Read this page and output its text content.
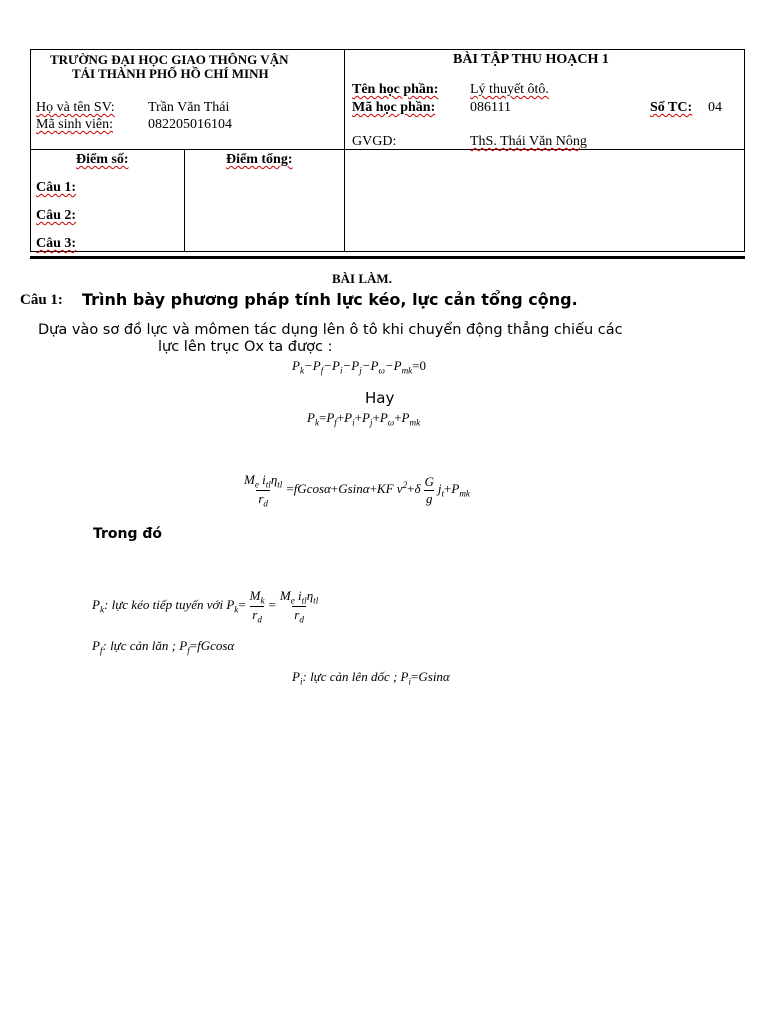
TRƯỜNG ĐẠI HỌC GIAO THÔNG VẬN
TẢI THÀNH PHỐ HỒ CHÍ MINH
Họ và tên SV: Trần Văn Thái
Mã sinh viên:	082205016104
BÀI TẬP THU HOẠCH 1
Tên học phần: Lý thuyết ôtô.
Mã học phần: 086111	Số TC: 04
GVGD:	ThS. Thái Văn Nông
Điểm số:	Điểm tổng:
Câu 1:
Câu 2:
Câu 3:
BÀI LÀM.
Câu 1: Trình bày phương pháp tính lực kéo, lực cản tổng cộng.
Dựa vào sơ đồ lực và mômen tác dụng lên ô tô khi chuyển động thẳng chiếu các
lực lên trục Ox ta được :
$P_k-P_f-P_i-P_j-P_\omega-P_{mk}=0$
Hay
$P_k=P_f+P_i+P_j+P_\omega+P_{mk}$
$\frac{M_e i_{tl}\eta_{tl}}{r_d} =fGcos\alpha+Gsin\alpha+KF$ $v^2+\delta \frac{G}{g} j_t+P_{mk}$
Trong đó
$P_k$: lực kéo tiếp tuyến với $P_k= \frac{M_k}{r_d} = \frac{M_e i_{tl}\eta_{tl}}{r_d}$
$P_f$: lực cản lăn ; $P_f=fGcos\alpha$
$P_i$: lực cản lên dốc ; $P_i=Gsin\alpha$
